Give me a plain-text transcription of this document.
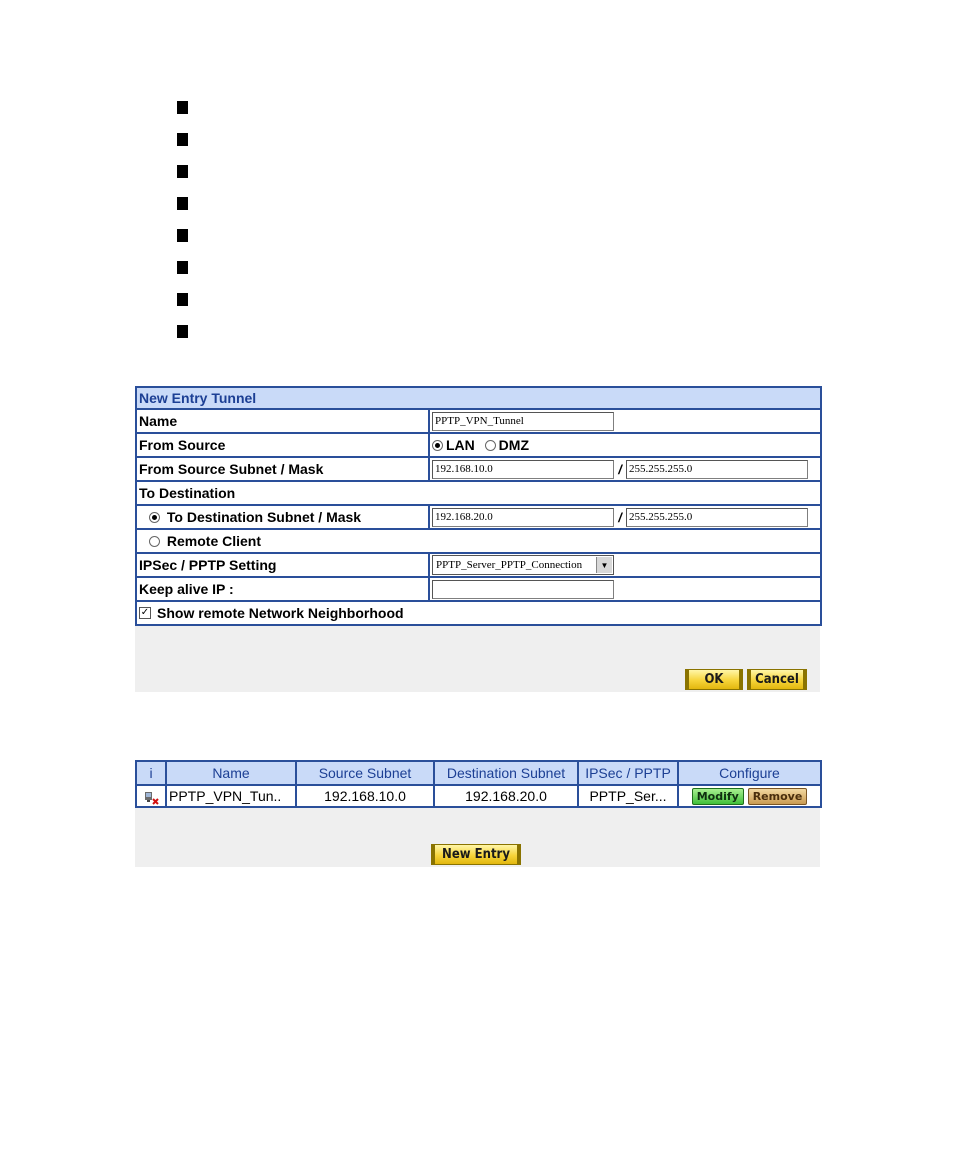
New Entry Tunnel	
Name	PPTP_VPN_Tunnel
From Source	LAN DMZ
From Source Subnet / Mask	192.168.10.0 / 255.255.255.0
To Destination	
To Destination Subnet / Mask	192.168.20.0 / 255.255.255.0
Remote Client	
IPSec / PPTP Setting	PPTP_Server_PPTP_Connection ▼

Keep alive IP :	
✓ Show remote Network Neighborhood	
OK	Cancel
i	Name	Source Subnet	Destination Subnet	IPSec / PPTP	Configure
	PPTP_VPN_Tun..	192.168.10.0	192.168.20.0	PPTP_Ser...	Modify Remove
New Entry
